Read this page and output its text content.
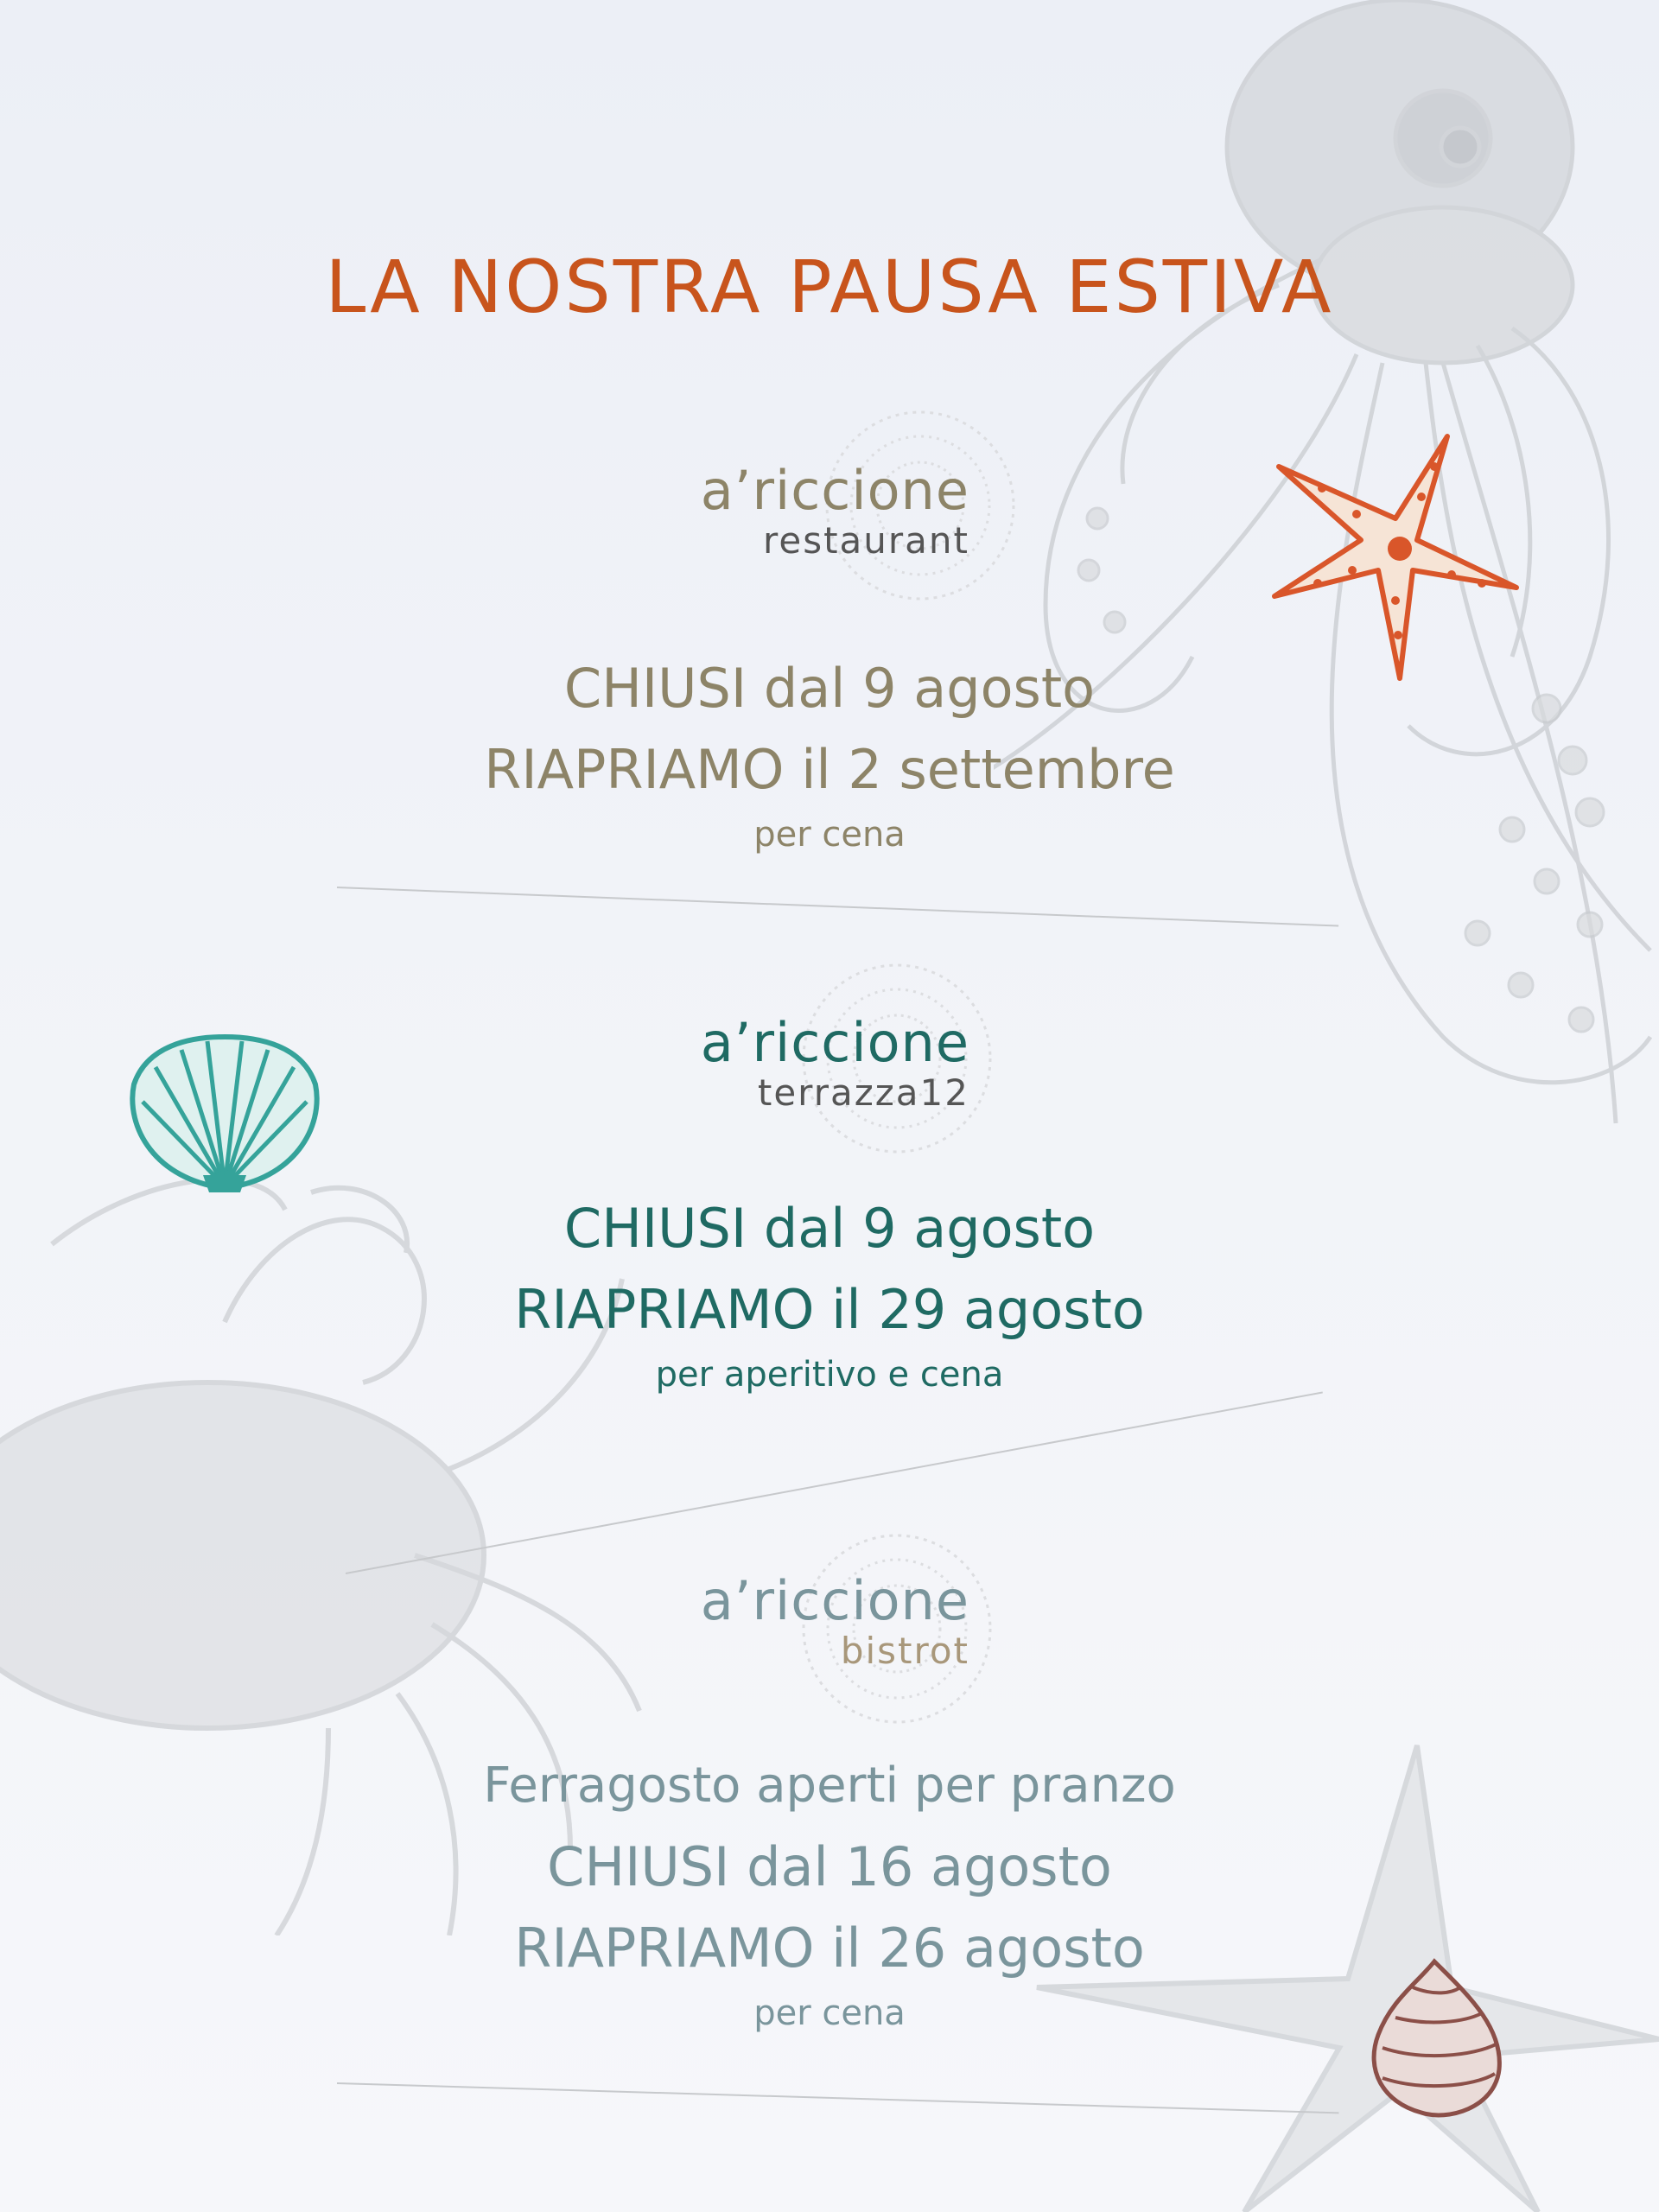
LA NOSTRA PAUSA ESTIVA
a’riccione
restaurant
CHIUSI dal 9 agosto
RIAPRIAMO il 2 settembre
per cena
a’riccione
terrazza12
CHIUSI dal 9 agosto
RIAPRIAMO il 29 agosto
per aperitivo e cena
a’riccione
bistrot
Ferragosto aperti per pranzo
CHIUSI dal 16 agosto
RIAPRIAMO il 26 agosto
per cena
